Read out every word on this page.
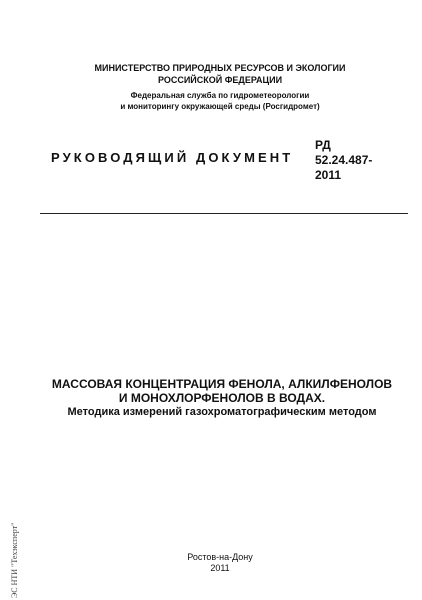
МИНИСТЕРСТВО ПРИРОДНЫХ РЕСУРСОВ И ЭКОЛОГИИ
РОССИЙСКОЙ ФЕДЕРАЦИИ
Федеральная служба по гидрометеорологии
и мониторингу окружающей среды (Росгидромет)
РУКОВОДЯЩИЙ ДОКУМЕНТ
РД
52.24.487-
2011
МАССОВАЯ КОНЦЕНТРАЦИЯ ФЕНОЛА, АЛКИЛФЕНОЛОВ
И МОНОХЛОРФЕНОЛОВ В ВОДАХ.
Методика измерений газохроматографическим методом
Ростов-на-Дону
2011
ЭС НТИ "Техэксперт"
